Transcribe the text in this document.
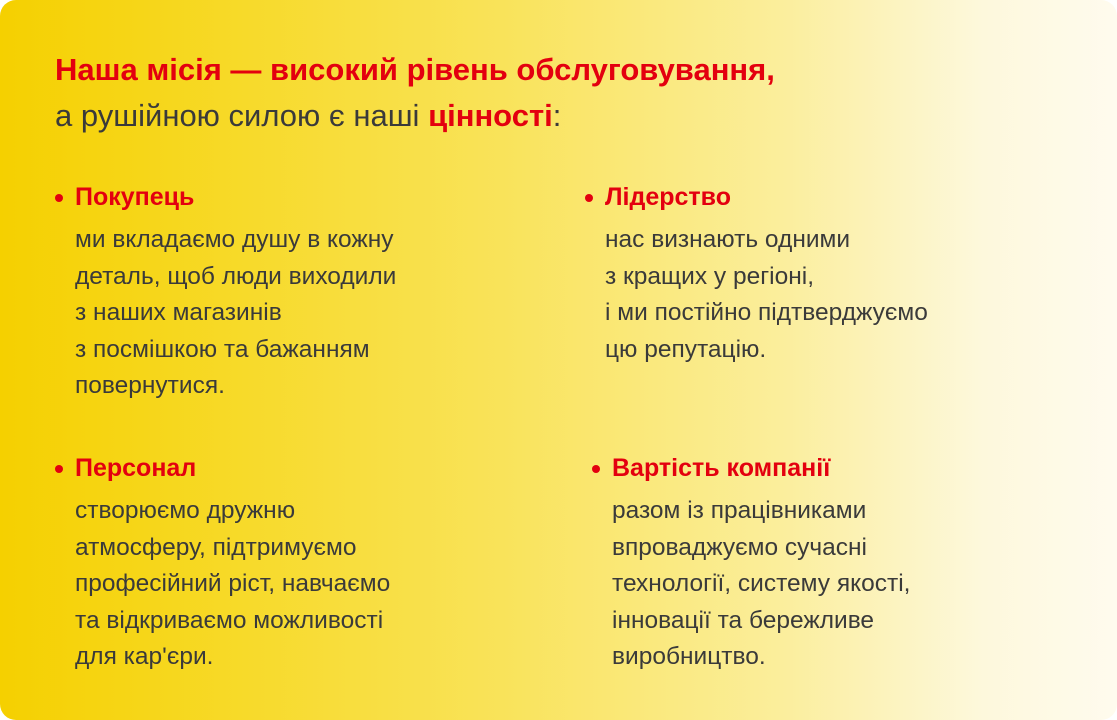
Наша місія — високий рівень обслуговування,
а рушійною силою є наші цінності:
Покупець
ми вкладаємо душу в кожну
деталь, щоб люди виходили
з наших магазинів
з посмішкою та бажанням
повернутися.
Лідерство
нас визнають одними
з кращих у регіоні,
і ми постійно підтверджуємо
цю репутацію.
Персонал
створюємо дружню
атмосферу, підтримуємо
професійний ріст, навчаємо
та відкриваємо можливості
для кар'єри.
Вартість компанії
разом із працівниками
впроваджуємо сучасні
технології, систему якості,
інновації та бережливе
виробництво.
